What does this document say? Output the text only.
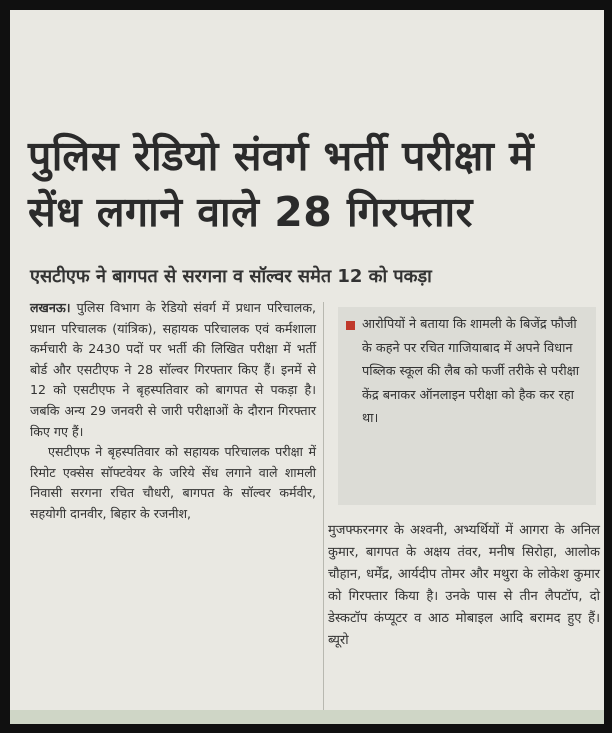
पुलिस रेडियो संवर्ग भर्ती परीक्षा में सेंध लगाने वाले 28 गिरफ्तार
एसटीएफ ने बागपत से सरगना व सॉल्वर समेत 12 को पकड़ा

लखनऊ। पुलिस विभाग के रेडियो संवर्ग में प्रधान परिचालक, प्रधान परिचालक (यांत्रिक), सहायक परिचालक एवं कर्मशाला कर्मचारी के 2430 पदों पर भर्ती की लिखित परीक्षा में भर्ती बोर्ड और एसटीएफ ने 28 सॉल्वर गिरफ्तार किए हैं। इनमें से 12 को एसटीएफ ने बृहस्पतिवार को बागपत से पकड़ा है। जबकि अन्य 29 जनवरी से जारी परीक्षाओं के दौरान गिरफ्तार किए गए हैं।

एसटीएफ ने बृहस्पतिवार को सहायक परिचालक परीक्षा में रिमोट एक्सेस सॉफ्टवेयर के जरिये सेंध लगाने वाले शामली निवासी सरगना रचित चौधरी, बागपत के सॉल्वर कर्मवीर, सहयोगी दानवीर, बिहार के रजनीश,

आरोपियों ने बताया कि शामली के बिजेंद्र फौजी के कहने पर रचित गाजियाबाद में अपने विधान पब्लिक स्कूल की लैब को फर्जी तरीके से परीक्षा केंद्र बनाकर ऑनलाइन परीक्षा को हैक कर रहा था।

मुजफ्फरनगर के अश्वनी, अभ्यर्थियों में आगरा के अनिल कुमार, बागपत के अक्षय तंवर, मनीष सिरोहा, आलोक चौहान, धर्मेंद्र, आर्यदीप तोमर और मथुरा के लोकेश कुमार को गिरफ्तार किया है। उनके पास से तीन लैपटॉप, दो डेस्कटॉप कंप्यूटर व आठ मोबाइल आदि बरामद हुए हैं। ब्यूरो
